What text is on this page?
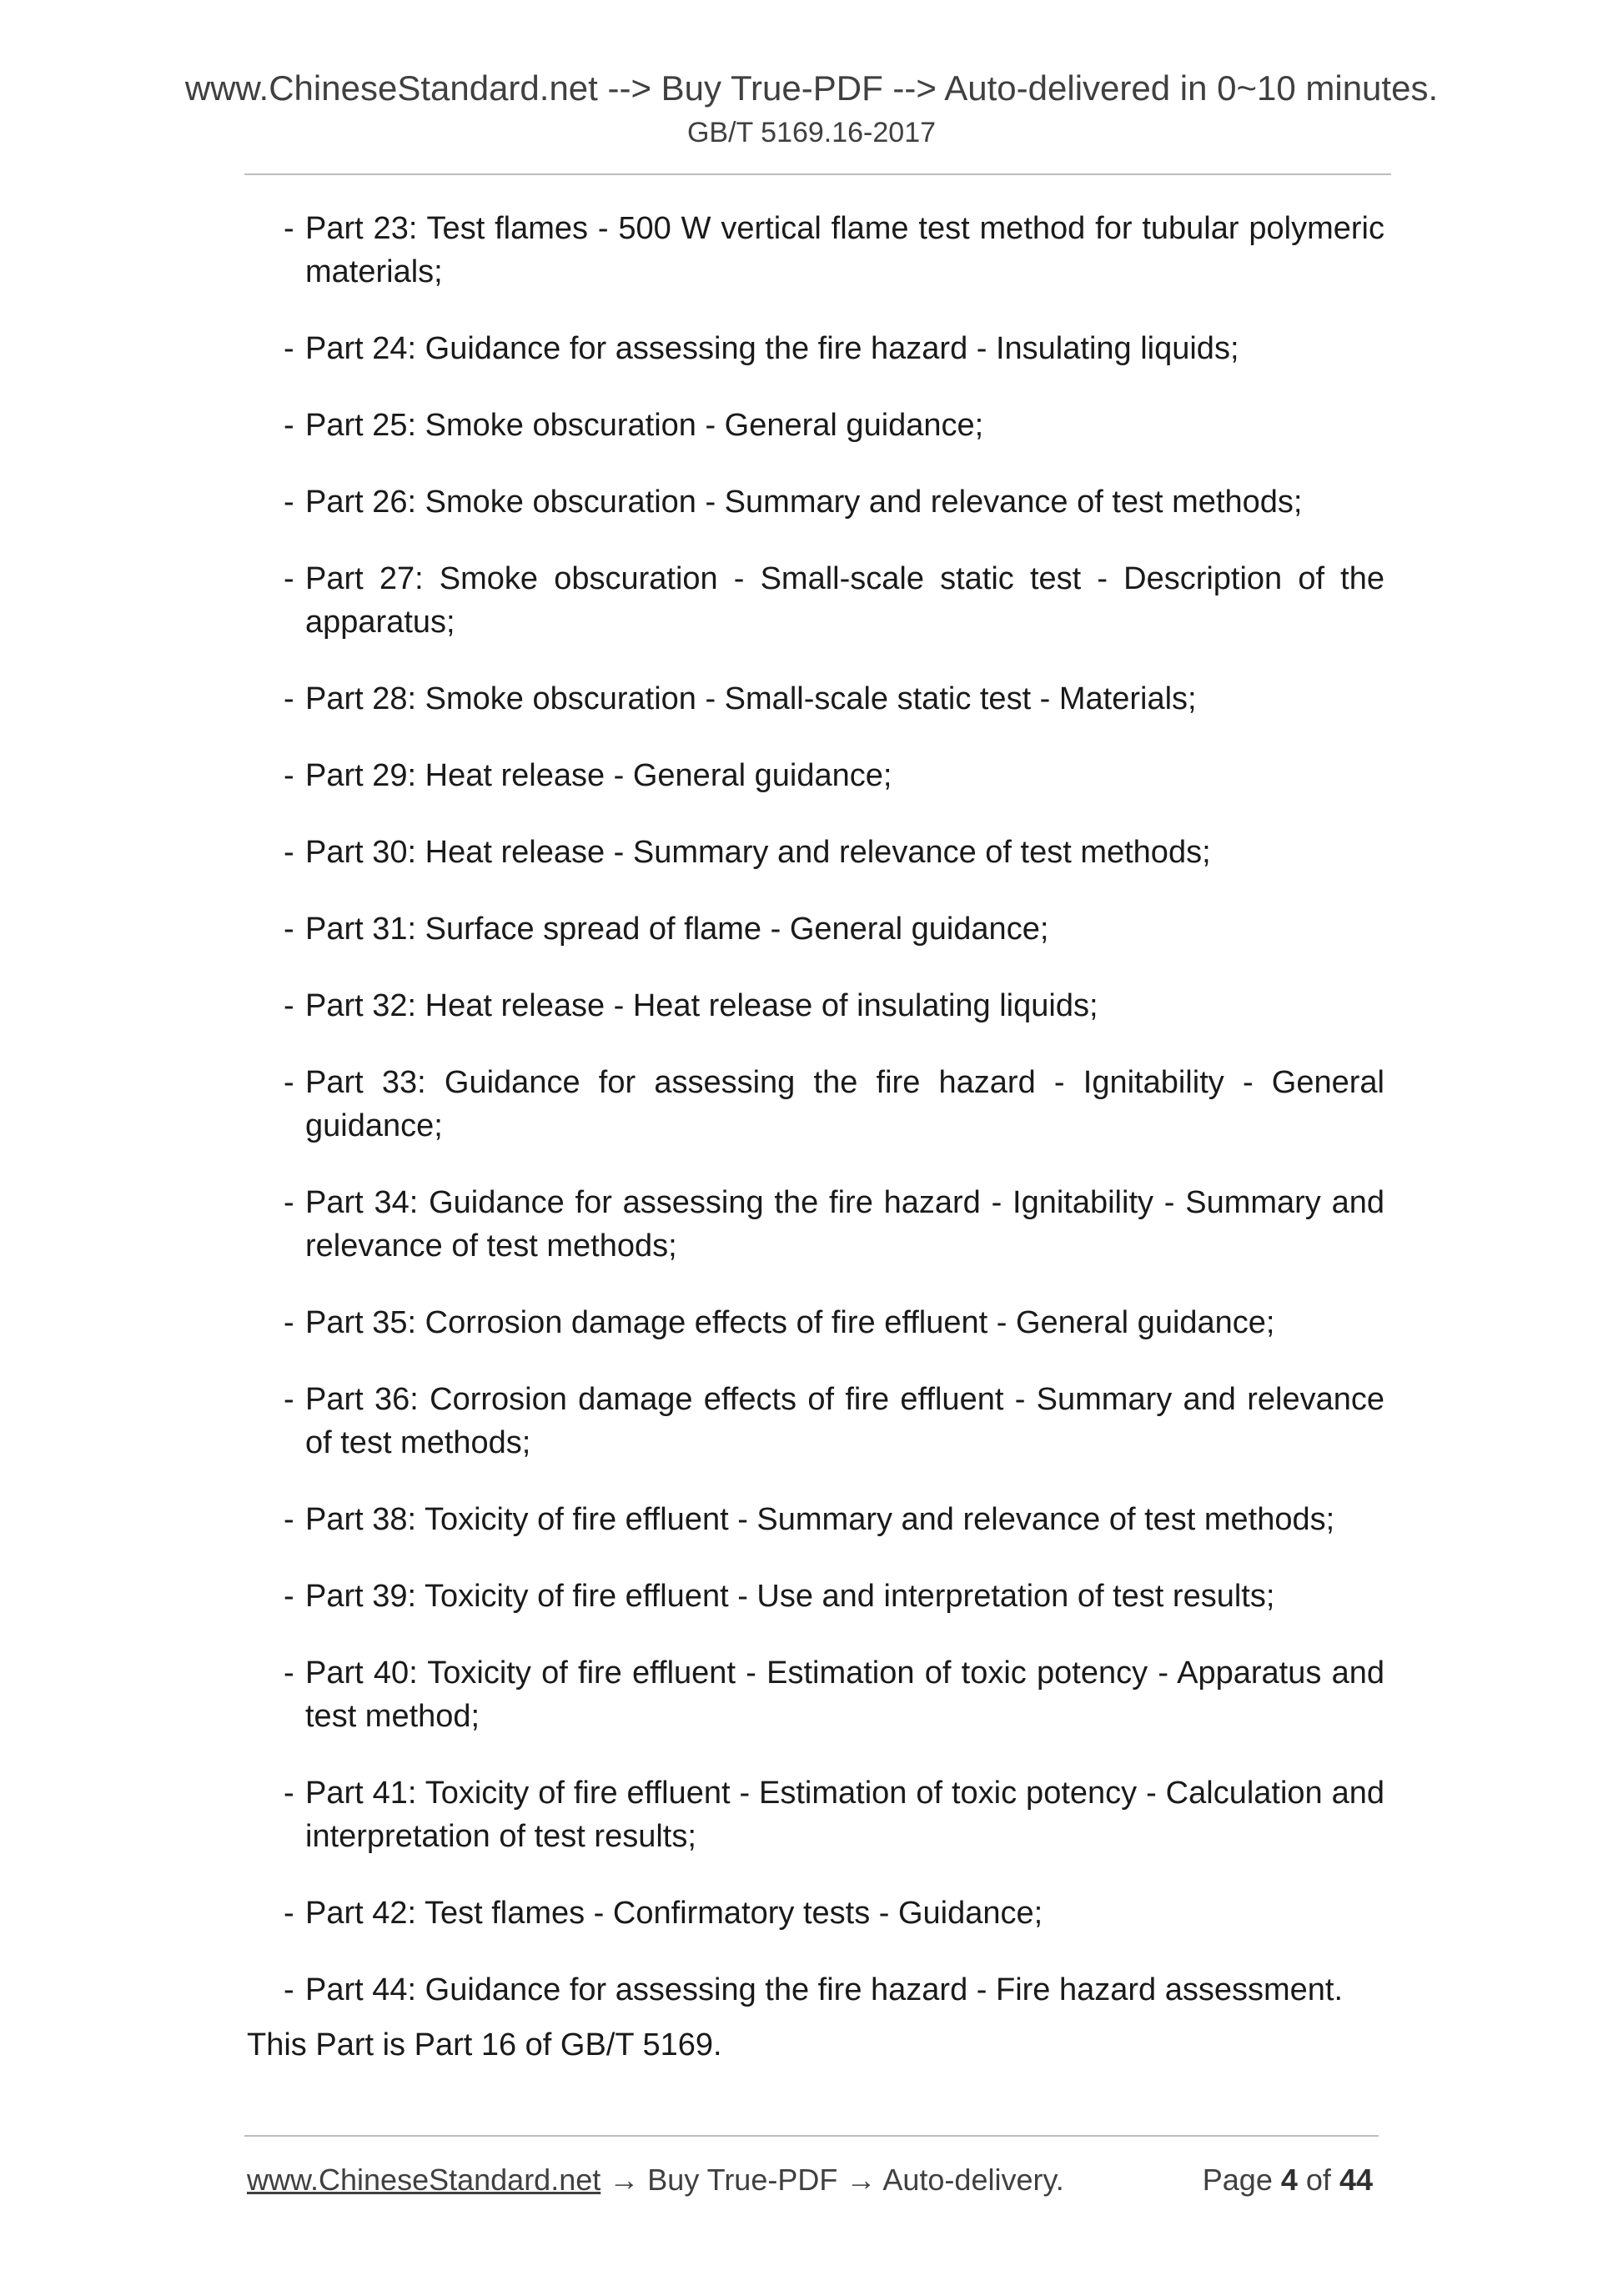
www.ChineseStandard.net --> Buy True-PDF --> Auto-delivered in 0~10 minutes.
GB/T 5169.16-2017
- Part 23: Test flames - 500 W vertical flame test method for tubular polymeric materials;
- Part 24: Guidance for assessing the fire hazard - Insulating liquids;
- Part 25: Smoke obscuration - General guidance;
- Part 26: Smoke obscuration - Summary and relevance of test methods;
- Part 27: Smoke obscuration - Small-scale static test - Description of the apparatus;
- Part 28: Smoke obscuration - Small-scale static test - Materials;
- Part 29: Heat release - General guidance;
- Part 30: Heat release - Summary and relevance of test methods;
- Part 31: Surface spread of flame - General guidance;
- Part 32: Heat release - Heat release of insulating liquids;
- Part 33: Guidance for assessing the fire hazard - Ignitability - General guidance;
- Part 34: Guidance for assessing the fire hazard - Ignitability - Summary and relevance of test methods;
- Part 35: Corrosion damage effects of fire effluent - General guidance;
- Part 36: Corrosion damage effects of fire effluent - Summary and relevance of test methods;
- Part 38: Toxicity of fire effluent - Summary and relevance of test methods;
- Part 39: Toxicity of fire effluent - Use and interpretation of test results;
- Part 40: Toxicity of fire effluent - Estimation of toxic potency - Apparatus and test method;
- Part 41: Toxicity of fire effluent - Estimation of toxic potency - Calculation and interpretation of test results;
- Part 42: Test flames - Confirmatory tests - Guidance;
- Part 44: Guidance for assessing the fire hazard - Fire hazard assessment.
This Part is Part 16 of GB/T 5169.
www.ChineseStandard.net → Buy True-PDF → Auto-delivery.	Page 4 of 44
